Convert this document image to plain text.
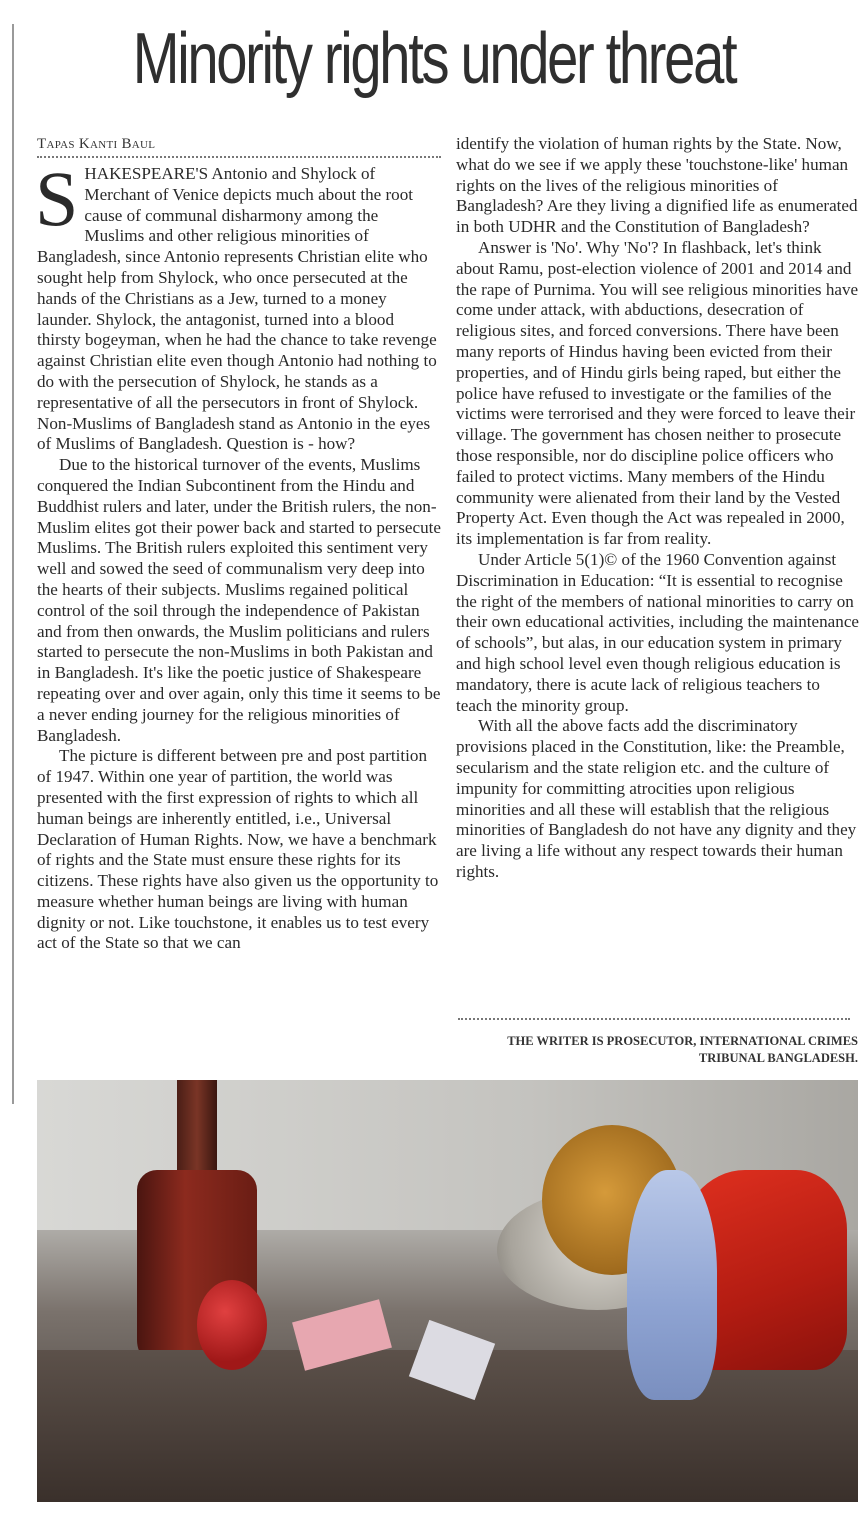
Minority rights under threat
Tapas Kanti Baul

SHAKESPEARE'S Antonio and Shylock of Merchant of Venice depicts much about the root cause of communal disharmony among the Muslims and other religious minorities of Bangladesh, since Antonio represents Christian elite who sought help from Shylock, who once persecuted at the hands of the Christians as a Jew, turned to a money launder. Shylock, the antagonist, turned into a blood thirsty bogeyman, when he had the chance to take revenge against Christian elite even though Antonio had nothing to do with the persecution of Shylock, he stands as a representative of all the persecutors in front of Shylock. Non-Muslims of Bangladesh stand as Antonio in the eyes of Muslims of Bangladesh. Question is - how?

Due to the historical turnover of the events, Muslims conquered the Indian Subcontinent from the Hindu and Buddhist rulers and later, under the British rulers, the non-Muslim elites got their power back and started to persecute Muslims. The British rulers exploited this sentiment very well and sowed the seed of communalism very deep into the hearts of their subjects. Muslims regained political control of the soil through the independence of Pakistan and from then onwards, the Muslim politicians and rulers started to persecute the non-Muslims in both Pakistan and in Bangladesh. It's like the poetic justice of Shakespeare repeating over and over again, only this time it seems to be a never ending journey for the religious minorities of Bangladesh.

The picture is different between pre and post partition of 1947. Within one year of partition, the world was presented with the first expression of rights to which all human beings are inherently entitled, i.e., Universal Declaration of Human Rights. Now, we have a benchmark of rights and the State must ensure these rights for its citizens. These rights have also given us the opportunity to measure whether human beings are living with human dignity or not. Like touchstone, it enables us to test every act of the State so that we can

identify the violation of human rights by the State. Now, what do we see if we apply these 'touchstone-like' human rights on the lives of the religious minorities of Bangladesh? Are they living a dignified life as enumerated in both UDHR and the Constitution of Bangladesh?

Answer is 'No'. Why 'No'? In flashback, let's think about Ramu, post-election violence of 2001 and 2014 and the rape of Purnima. You will see religious minorities have come under attack, with abductions, desecration of religious sites, and forced conversions. There have been many reports of Hindus having been evicted from their properties, and of Hindu girls being raped, but either the police have refused to investigate or the families of the victims were terrorised and they were forced to leave their village. The government has chosen neither to prosecute those responsible, nor do discipline police officers who failed to protect victims. Many members of the Hindu community were alienated from their land by the Vested Property Act. Even though the Act was repealed in 2000, its implementation is far from reality.

Under Article 5(1)© of the 1960 Convention against Discrimination in Education: “It is essential to recognise the right of the members of national minorities to carry on their own educational activities, including the maintenance of schools”, but alas, in our education system in primary and high school level even though religious education is mandatory, there is acute lack of religious teachers to teach the minority group.

With all the above facts add the discriminatory provisions placed in the Constitution, like: the Preamble, secularism and the state religion etc. and the culture of impunity for committing atrocities upon religious minorities and all these will establish that the religious minorities of Bangladesh do not have any dignity and they are living a life without any respect towards their human rights.

THE WRITER IS PROSECUTOR, INTERNATIONAL CRIMES
TRIBUNAL BANGLADESH.
